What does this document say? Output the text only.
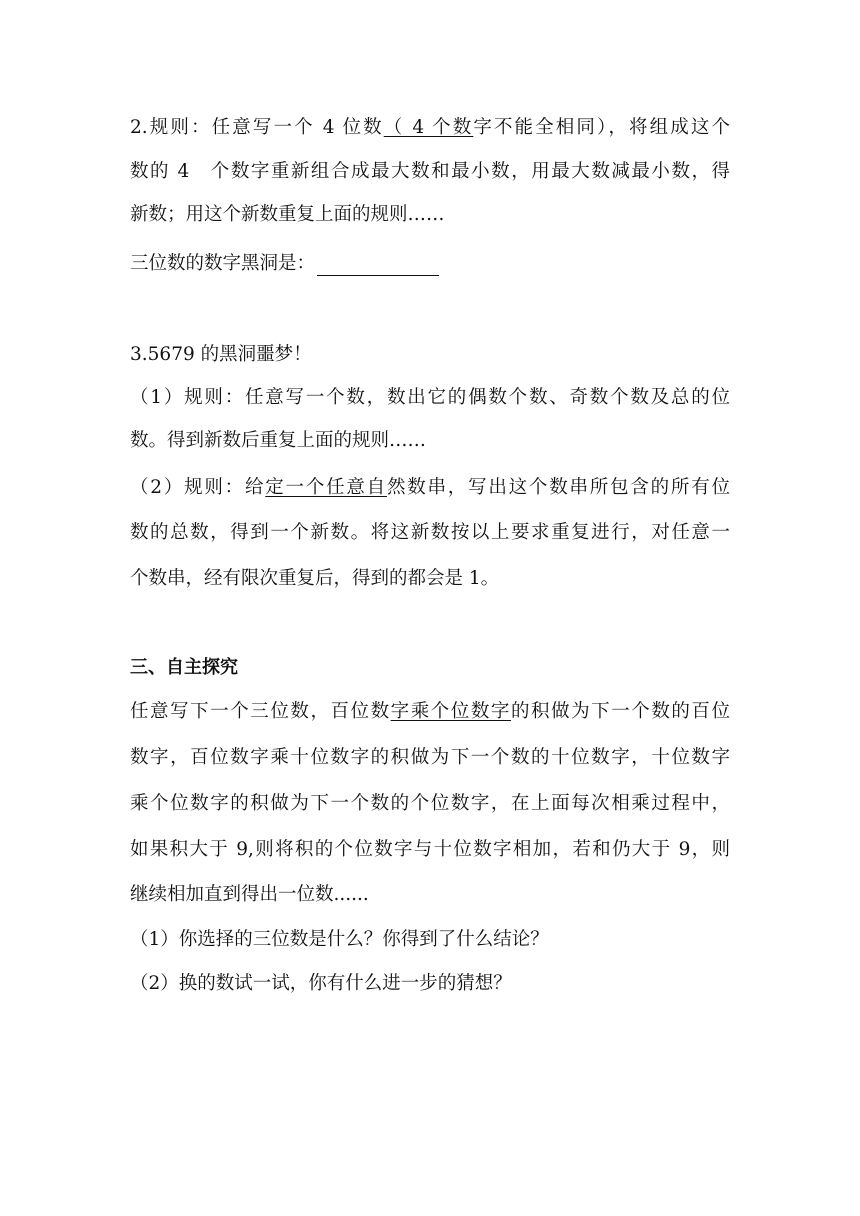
2.规则：任意写一个 4 位数（ 4 个数字不能全相同），将组成这个
数的 4　个数字重新组合成最大数和最小数，用最大数减最小数，得
新数；用这个新数重复上面的规则……
三位数的数字黑洞是：
3.5679 的黑洞噩梦！
（1）规则：任意写一个数，数出它的偶数个数、奇数个数及总的位
数。得到新数后重复上面的规则……
（2）规则：给定一个任意自然数串，写出这个数串所包含的所有位
数的总数，得到一个新数。将这新数按以上要求重复进行，对任意一
个数串，经有限次重复后，得到的都会是 1。
三、自主探究
任意写下一个三位数，百位数字乘个位数字的积做为下一个数的百位
数字，百位数字乘十位数字的积做为下一个数的十位数字，十位数字
乘个位数字的积做为下一个数的个位数字，在上面每次相乘过程中，
如果积大于 9,则将积的个位数字与十位数字相加，若和仍大于 9，则
继续相加直到得出一位数......
（1）你选择的三位数是什么？你得到了什么结论？
（2）换的数试一试，你有什么进一步的猜想？
